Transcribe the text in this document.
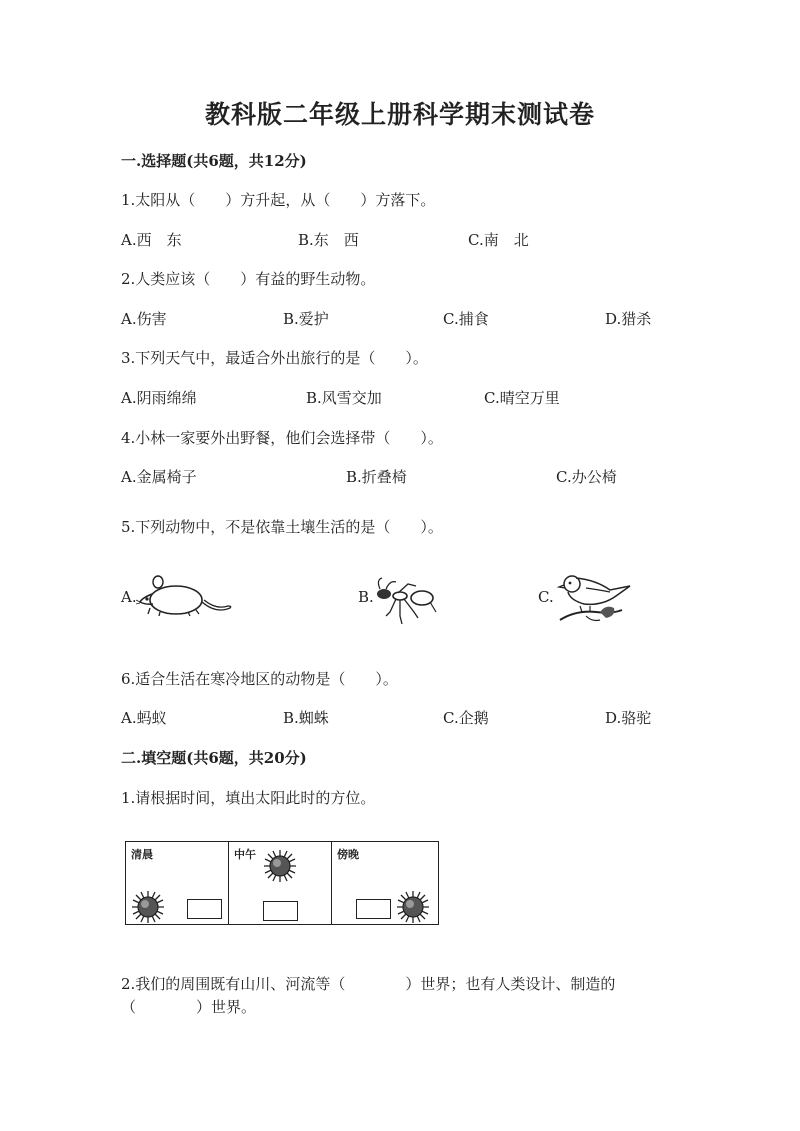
教科版二年级上册科学期末测试卷
一.选择题(共6题，共12分)
1.太阳从（　　）方升起，从（　　）方落下。
A.西　东	B.东　西	C.南　北
2.人类应该（　　）有益的野生动物。
A.伤害	B.爱护	C.捕食	D.猎杀
3.下列天气中，最适合外出旅行的是（　　）。
A.阴雨绵绵	B.风雪交加	C.晴空万里
4.小林一家要外出野餐，他们会选择带（　　）。
A.金属椅子	B.折叠椅	C.办公椅
5.下列动物中，不是依靠土壤生活的是（　　）。
A.	B.	C.
6.适合生活在寒冷地区的动物是（　　）。
A.蚂蚁	B.蜘蛛	C.企鹅	D.骆驼
二.填空题(共6题，共20分)
1.请根据时间，填出太阳此时的方位。
清晨	中午	傍晚
2.我们的周围既有山川、河流等（　　　　）世界；也有人类设计、制造的
（　　　　）世界。
